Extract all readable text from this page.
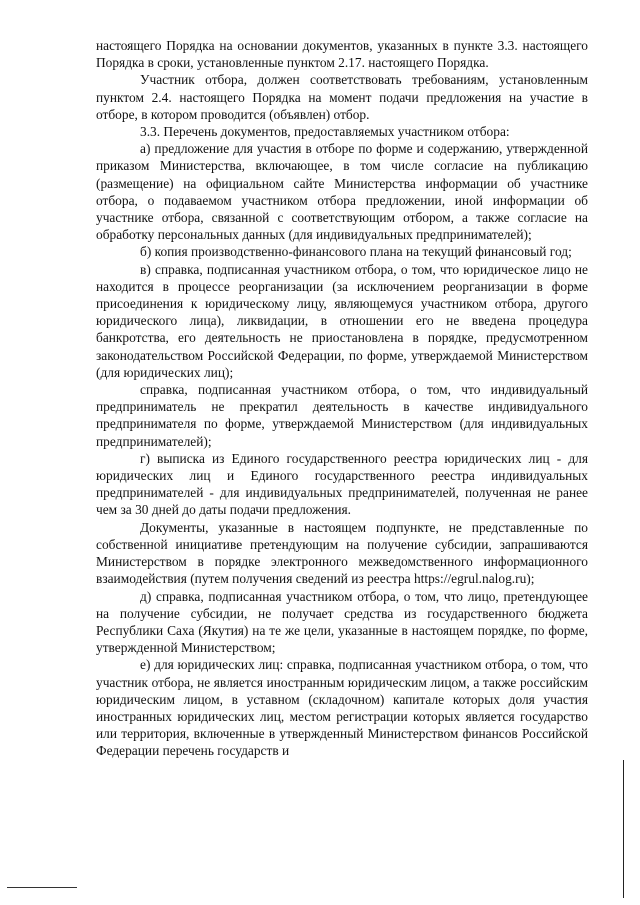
настоящего Порядка на основании документов, указанных в пункте 3.3. настоящего Порядка в сроки, установленные пунктом 2.17. настоящего Порядка.

Участник отбора, должен соответствовать требованиям, установленным пунктом 2.4. настоящего Порядка на момент подачи предложения на участие в отборе, в котором проводится (объявлен) отбор.

3.3. Перечень документов, предоставляемых участником отбора:

а) предложение для участия в отборе по форме и содержанию, утвержденной приказом Министерства, включающее, в том числе согласие на публикацию (размещение) на официальном сайте Министерства информации об участнике отбора, о подаваемом участником отбора предложении, иной информации об участнике отбора, связанной с соответствующим отбором, а также согласие на обработку персональных данных (для индивидуальных предпринимателей);

б) копия производственно-финансового плана на текущий финансовый год;

в) справка, подписанная участником отбора, о том, что юридическое лицо не находится в процессе реорганизации (за исключением реорганизации в форме присоединения к юридическому лицу, являющемуся участником отбора, другого юридического лица), ликвидации, в отношении его не введена процедура банкротства, его деятельность не приостановлена в порядке, предусмотренном законодательством Российской Федерации, по форме, утверждаемой Министерством (для юридических лиц);

справка, подписанная участником отбора, о том, что индивидуальный предприниматель не прекратил деятельность в качестве индивидуального предпринимателя по форме, утверждаемой Министерством (для индивидуальных предпринимателей);

г) выписка из Единого государственного реестра юридических лиц - для юридических лиц и Единого государственного реестра индивидуальных предпринимателей - для индивидуальных предпринимателей, полученная не ранее чем за 30 дней до даты подачи предложения.

Документы, указанные в настоящем подпункте, не представленные по собственной инициативе претендующим на получение субсидии, запрашиваются Министерством в порядке электронного межведомственного информационного взаимодействия (путем получения сведений из реестра https://egrul.nalog.ru);

д) справка, подписанная участником отбора, о том, что лицо, претендующее на получение субсидии, не получает средства из государственного бюджета Республики Саха (Якутия) на те же цели, указанные в настоящем порядке, по форме, утвержденной Министерством;

е) для юридических лиц: справка, подписанная участником отбора, о том, что участник отбора, не является иностранным юридическим лицом, а также российским юридическим лицом, в уставном (складочном) капитале которых доля участия иностранных юридических лиц, местом регистрации которых является государство или территория, включенные в утвержденный Министерством финансов Российской Федерации перечень государств и
